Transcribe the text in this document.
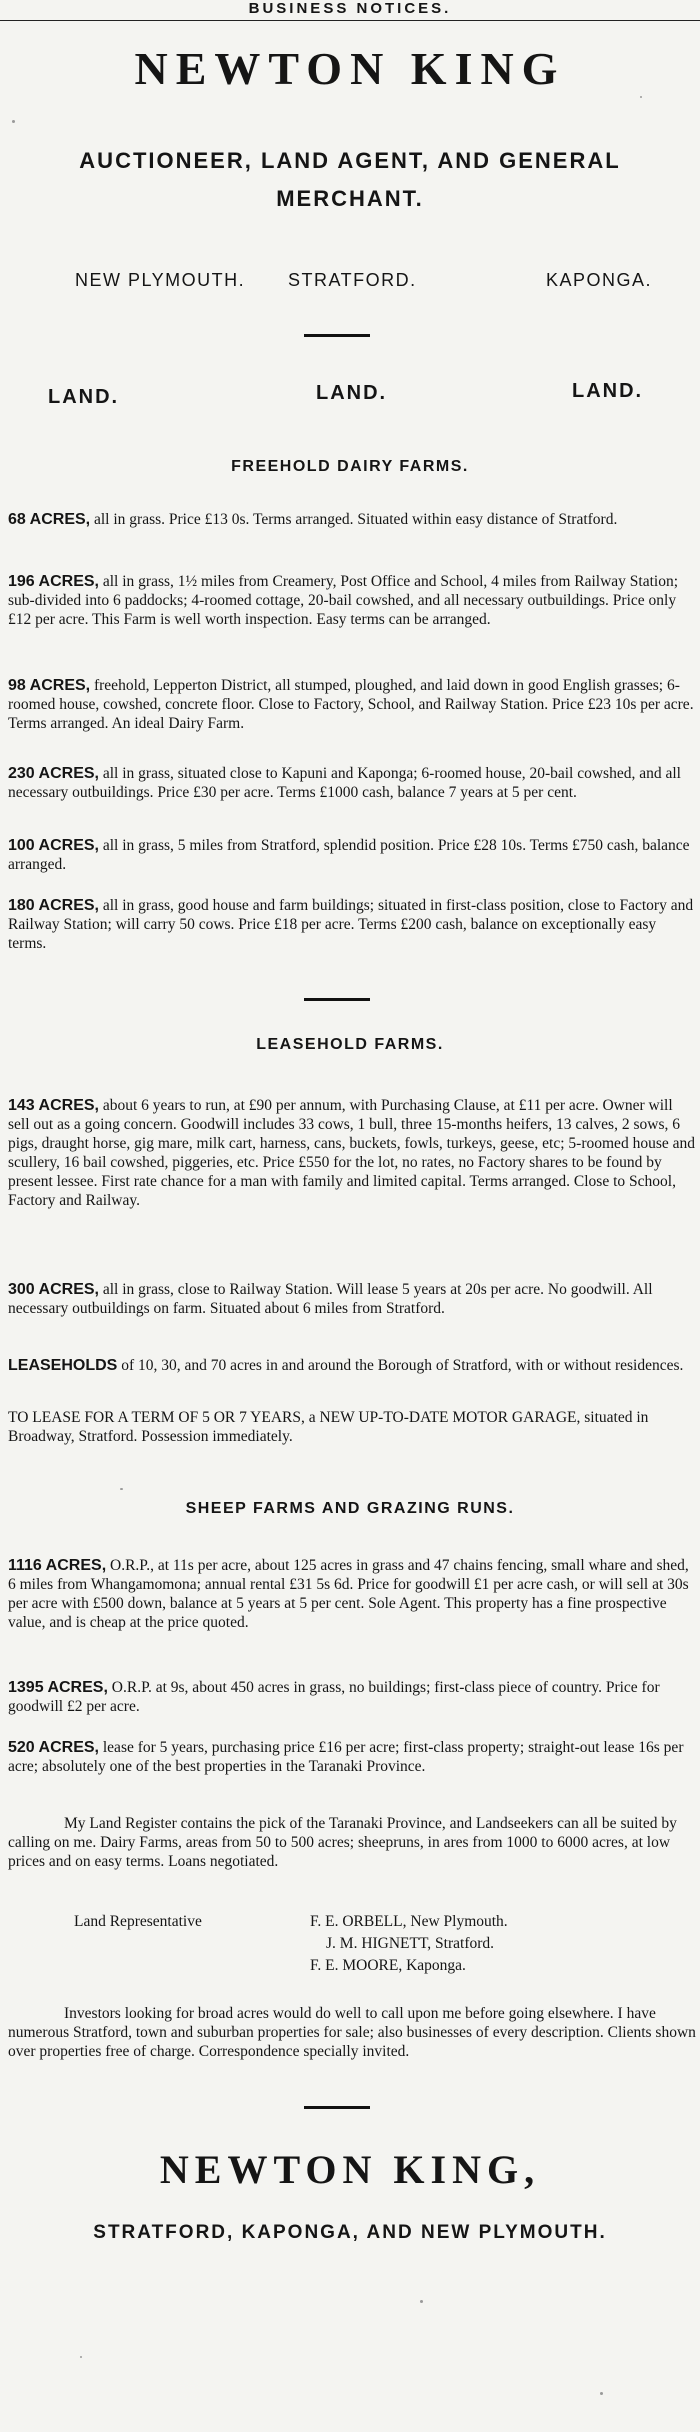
BUSINESS NOTICES.
NEWTON KING
AUCTIONEER, LAND AGENT, AND GENERAL
MERCHANT.
NEW PLYMOUTH. STRATFORD.	KAPONGA.
LAND.	LAND.	LAND.
FREEHOLD DAIRY FARMS.
68 ACRES, all in grass. Price £13 0s. Terms arranged. Situated within easy distance of Stratford.
196 ACRES, all in grass, 1½ miles from Creamery, Post Office and School, 4 miles from Railway Station; sub-divided into 6 paddocks; 4-roomed cottage, 20-bail cowshed, and all necessary outbuildings. Price only £12 per acre. This Farm is well worth inspection. Easy terms can be arranged.
98 ACRES, freehold, Lepperton District, all stumped, ploughed, and laid down in good English grasses; 6-roomed house, cowshed, concrete floor. Close to Factory, School, and Railway Station. Price £23 10s per acre. Terms arranged. An ideal Dairy Farm.
230 ACRES, all in grass, situated close to Kapuni and Kaponga; 6-roomed house, 20-bail cowshed, and all necessary outbuildings. Price £30 per acre. Terms £1000 cash, balance 7 years at 5 per cent.
100 ACRES, all in grass, 5 miles from Stratford, splendid position. Price £28 10s. Terms £750 cash, balance arranged.
180 ACRES, all in grass, good house and farm buildings; situated in first-class position, close to Factory and Railway Station; will carry 50 cows. Price £18 per acre. Terms £200 cash, balance on exceptionally easy terms.
LEASEHOLD FARMS.
143 ACRES, about 6 years to run, at £90 per annum, with Purchasing Clause, at £11 per acre. Owner will sell out as a going concern. Goodwill includes 33 cows, 1 bull, three 15-months heifers, 13 calves, 2 sows, 6 pigs, draught horse, gig mare, milk cart, harness, cans, buckets, fowls, turkeys, geese, etc; 5-roomed house and scullery, 16 bail cowshed, piggeries, etc. Price £550 for the lot, no rates, no Factory shares to be found by present lessee. First rate chance for a man with family and limited capital. Terms arranged. Close to School, Factory and Railway.
300 ACRES, all in grass, close to Railway Station. Will lease 5 years at 20s per acre. No goodwill. All necessary outbuildings on farm. Situated about 6 miles from Stratford.
LEASEHOLDS of 10, 30, and 70 acres in and around the Borough of Stratford, with or without residences.
TO LEASE FOR A TERM OF 5 OR 7 YEARS, a NEW UP-TO-DATE MOTOR GARAGE, situated in Broadway, Stratford. Possession immediately.
SHEEP FARMS AND GRAZING RUNS.
1116 ACRES, O.R.P., at 11s per acre, about 125 acres in grass and 47 chains fencing, small whare and shed, 6 miles from Whangamomona; annual rental £31 5s 6d. Price for goodwill £1 per acre cash, or will sell at 30s per acre with £500 down, balance at 5 years at 5 per cent. Sole Agent. This property has a fine prospective value, and is cheap at the price quoted.
1395 ACRES, O.R.P. at 9s, about 450 acres in grass, no buildings; first-class piece of country. Price for goodwill £2 per acre.
520 ACRES, lease for 5 years, purchasing price £16 per acre; first-class property; straight-out lease 16s per acre; absolutely one of the best properties in the Taranaki Province.
My Land Register contains the pick of the Taranaki Province, and Landseekers can all be suited by calling on me. Dairy Farms, areas from 50 to 500 acres; sheepruns, in ares from 1000 to 6000 acres, at low prices and on easy terms. Loans negotiated.
Land Representative	F. E. ORBELL, New Plymouth.
J. M. HIGNETT, Stratford.
F. E. MOORE, Kaponga.
Investors looking for broad acres would do well to call upon me before going elsewhere. I have numerous Stratford, town and suburban properties for sale; also businesses of every description. Clients shown over properties free of charge. Correspondence specially invited.
NEWTON KING,
STRATFORD, KAPONGA, AND NEW PLYMOUTH.
